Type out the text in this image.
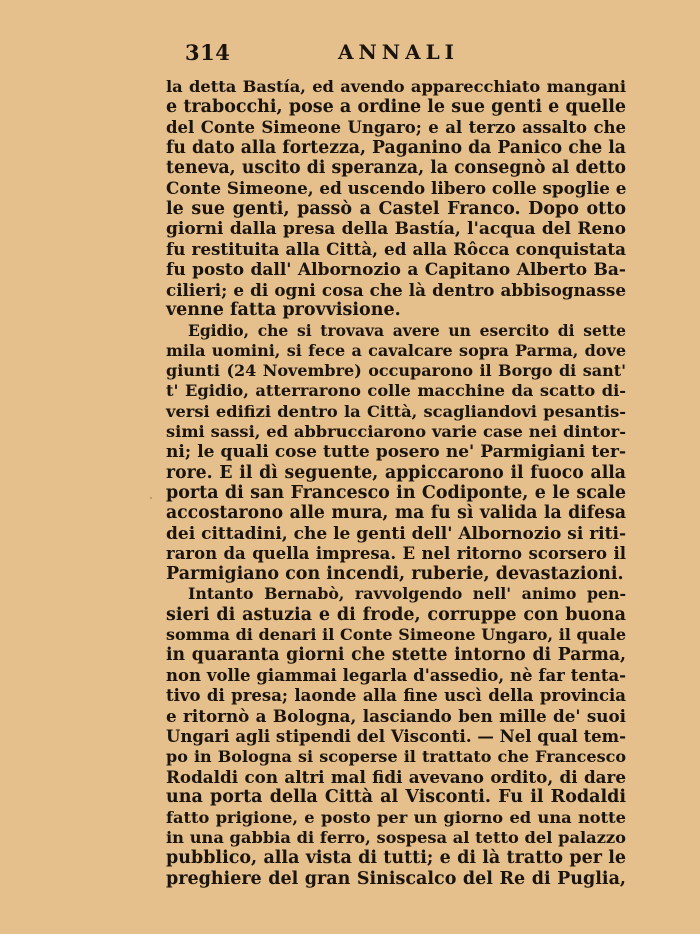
314	ANNALI
la detta Bastía, ed avendo apparecchiato mangani
e trabocchi, pose a ordine le sue genti e quelle
del Conte Simeone Ungaro; e al terzo assalto che
fu dato alla fortezza, Paganino da Panico che la
teneva, uscito di speranza, la consegnò al detto
Conte Simeone, ed uscendo libero colle spoglie e
le sue genti, passò a Castel Franco. Dopo otto
giorni dalla presa della Bastía, l'acqua del Reno
fu restituita alla Città, ed alla Rôcca conquistata
fu posto dall' Albornozio a Capitano Alberto Ba-
cilieri; e di ogni cosa che là dentro abbisognasse
venne fatta provvisione.
Egidio, che si trovava avere un esercito di sette
mila uomini, si fece a cavalcare sopra Parma, dove
giunti (24 Novembre) occuparono il Borgo di sant'
t' Egidio, atterrarono colle macchine da scatto di-
versi edifizi dentro la Città, scagliandovi pesantis-
simi sassi, ed abbrucciarono varie case nei dintor-
ni; le quali cose tutte posero ne' Parmigiani ter-
rore. E il dì seguente, appiccarono il fuoco alla
porta di san Francesco in Codiponte, e le scale
accostarono alle mura, ma fu sì valida la difesa
dei cittadini, che le genti dell' Albornozio si riti-
raron da quella impresa. E nel ritorno scorsero il
Parmigiano con incendi, ruberie, devastazioni.
Intanto Bernabò, ravvolgendo nell' animo pen-
sieri di astuzia e di frode, corruppe con buona
somma di denari il Conte Simeone Ungaro, il quale
in quaranta giorni che stette intorno di Parma,
non volle giammai legarla d'assedio, nè far tenta-
tivo di presa; laonde alla fine uscì della provincia
e ritornò a Bologna, lasciando ben mille de' suoi
Ungari agli stipendi del Visconti. — Nel qual tem-
po in Bologna si scoperse il trattato che Francesco
Rodaldi con altri mal fidi avevano ordito, di dare
una porta della Città al Visconti. Fu il Rodaldi
fatto prigione, e posto per un giorno ed una notte
in una gabbia di ferro, sospesa al tetto del palazzo
pubblico, alla vista di tutti; e di là tratto per le
preghiere del gran Siniscalco del Re di Puglia,
